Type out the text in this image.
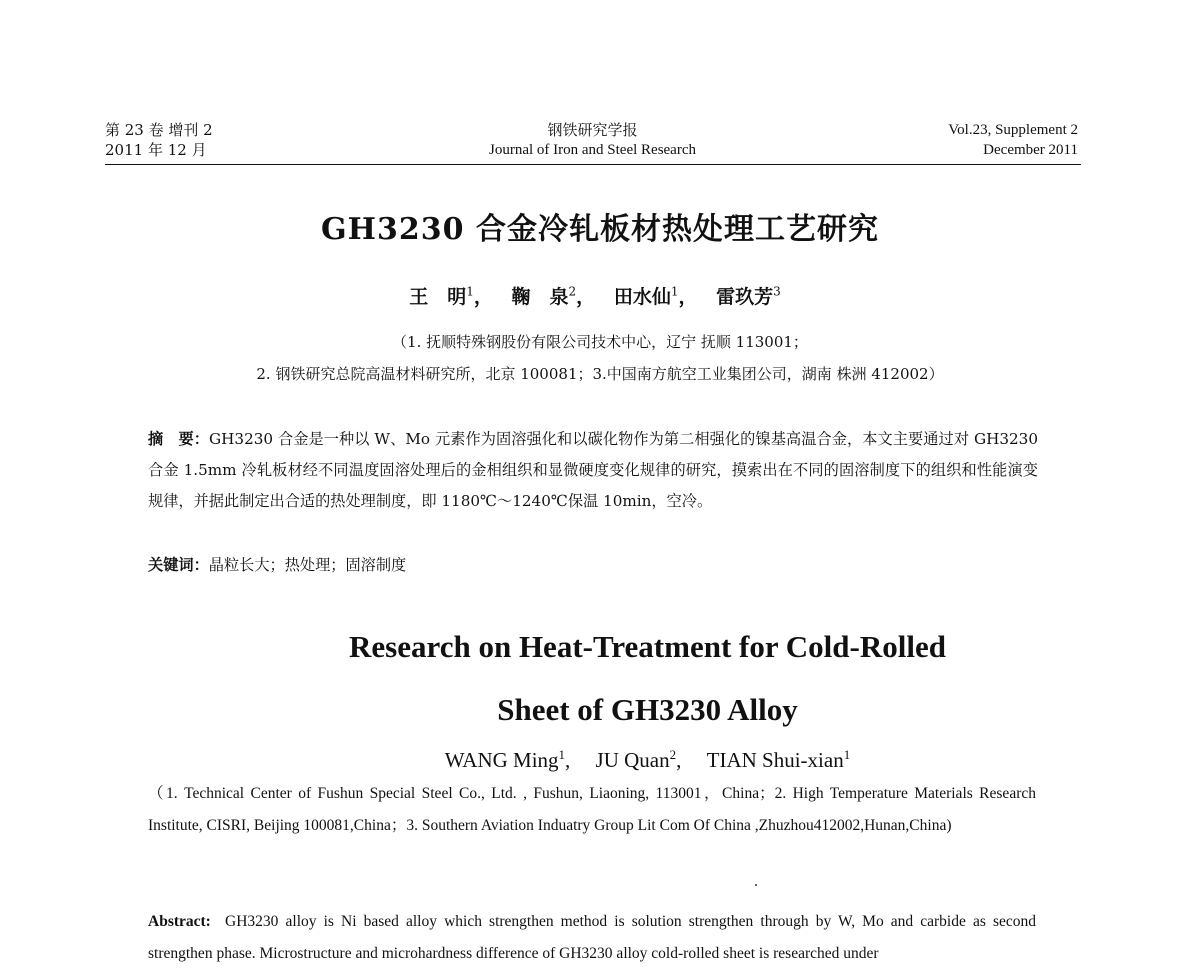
第 23 卷 增刊 2
2011 年 12 月
钢铁研究学报
Journal of Iron and Steel Research
Vol.23, Supplement 2
December 2011
GH3230 合金冷轧板材热处理工艺研究
王　明$^1$， 鞠　泉$^2$， 田水仙$^1$， 雷玖芳$^3$
（1. 抚顺特殊钢股份有限公司技术中心，辽宁 抚顺 113001；
2. 钢铁研究总院高温材料研究所，北京 100081；3.中国南方航空工业集团公司，湖南 株洲 412002）
摘　要：GH3230 合金是一种以 W、Mo 元素作为固溶强化和以碳化物作为第二相强化的镍基高温合金，本文主要通过对 GH3230 合金 1.5mm 冷轧板材经不同温度固溶处理后的金相组织和显微硬度变化规律的研究，摸索出在不同的固溶制度下的组织和性能演变规律，并据此制定出合适的热处理制度，即 1180℃～1240℃保温 10min，空冷。
关键词：晶粒长大；热处理；固溶制度
Research on Heat-Treatment for Cold-Rolled
Sheet of GH3230 Alloy
WANG Ming$^1$, JU Quan$^2$, TIAN Shui-xian$^1$
（1. Technical Center of Fushun Special Steel Co., Ltd. , Fushun, Liaoning, 113001，China；2. High Temperature Materials Research Institute, CISRI, Beijing 100081,China；3. Southern Aviation Induatry Group Lit Com Of China ,Zhuzhou412002,Hunan,China)
Abstract: GH3230 alloy is Ni based alloy which strengthen method is solution strengthen through by W, Mo and carbide as second strengthen phase. Microstructure and microhardness difference of GH3230 alloy cold-rolled sheet is researched under
